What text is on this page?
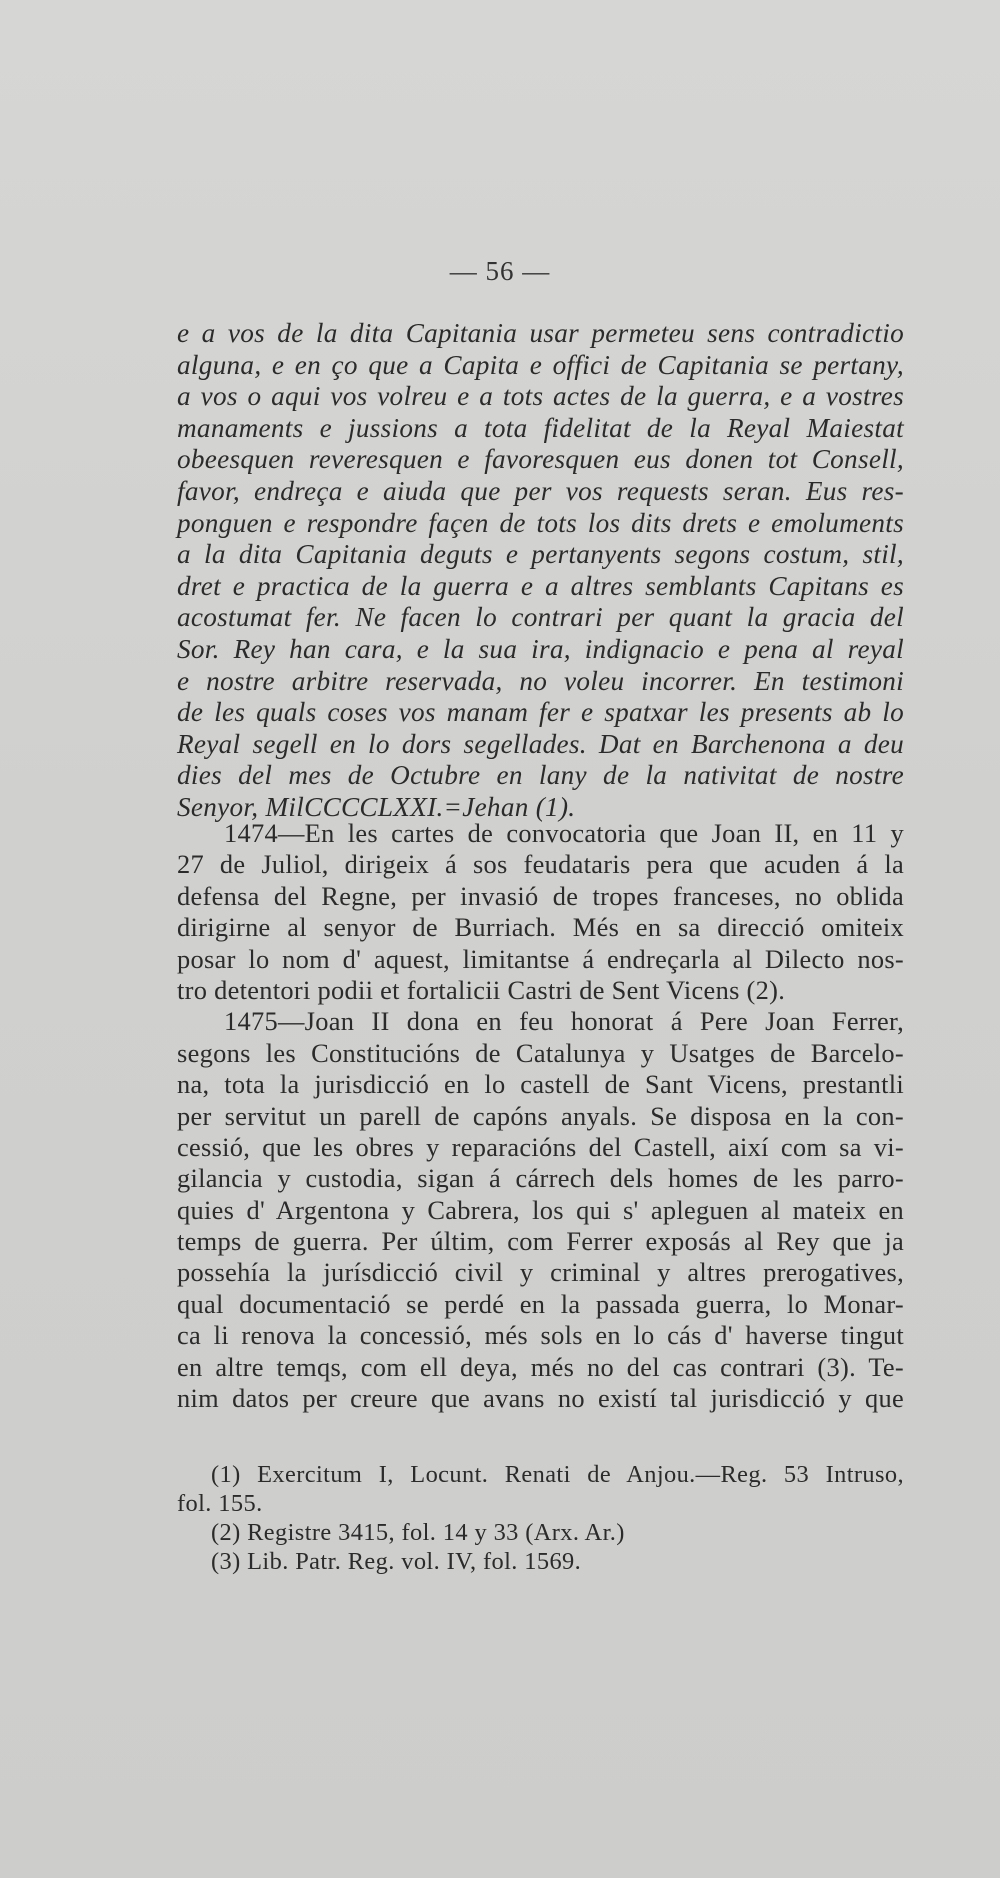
— 56 —
e a vos de la dita Capitania usar permeteu sens contradictio
alguna, e en ço que a Capita e offici de Capitania se pertany,
a vos o aqui vos volreu e a tots actes de la guerra, e a vostres
manaments e jussions a tota fidelitat de la Reyal Maiestat
obeesquen reveresquen e favoresquen eus donen tot Consell,
favor, endreça e aiuda que per vos requests seran. Eus res-
ponguen e respondre façen de tots los dits drets e emoluments
a la dita Capitania deguts e pertanyents segons costum, stil,
dret e practica de la guerra e a altres semblants Capitans es
acostumat fer. Ne facen lo contrari per quant la gracia del
Sor. Rey han cara, e la sua ira, indignacio e pena al reyal
e nostre arbitre reservada, no voleu incorrer. En testimoni
de les quals coses vos manam fer e spatxar les presents ab lo
Reyal segell en lo dors segellades. Dat en Barchenona a deu
dies del mes de Octubre en lany de la nativitat de nostre
Senyor, MilCCCCLXXI.=Jehan (1).
1474—En les cartes de convocatoria que Joan II, en 11 y
27 de Juliol, dirigeix á sos feudataris pera que acuden á la
defensa del Regne, per invasió de tropes franceses, no oblida
dirigirne al senyor de Burriach. Més en sa direcció omiteix
posar lo nom d' aquest, limitantse á endreçarla al Dilecto nos-
tro detentori podii et fortalicii Castri de Sent Vicens (2).
1475—Joan II dona en feu honorat á Pere Joan Ferrer,
segons les Constitucións de Catalunya y Usatges de Barcelo-
na, tota la jurisdicció en lo castell de Sant Vicens, prestantli
per servitut un parell de capóns anyals. Se disposa en la con-
cessió, que les obres y reparacións del Castell, així com sa vi-
gilancia y custodia, sigan á cárrech dels homes de les parro-
quies d' Argentona y Cabrera, los qui s' apleguen al mateix en
temps de guerra. Per últim, com Ferrer exposás al Rey que ja
possehía la jurísdicció civil y criminal y altres prerogatives,
qual documentació se perdé en la passada guerra, lo Monar-
ca li renova la concessió, més sols en lo cás d' haverse tingut
en altre temqs, com ell deya, més no del cas contrari (3). Te-
nim datos per creure que avans no existí tal jurisdicció y que
(1) Exercitum I, Locunt. Renati de Anjou.—Reg. 53 Intruso,
fol. 155.
(2) Registre 3415, fol. 14 y 33 (Arx. Ar.)
(3) Lib. Patr. Reg. vol. IV, fol. 1569.
